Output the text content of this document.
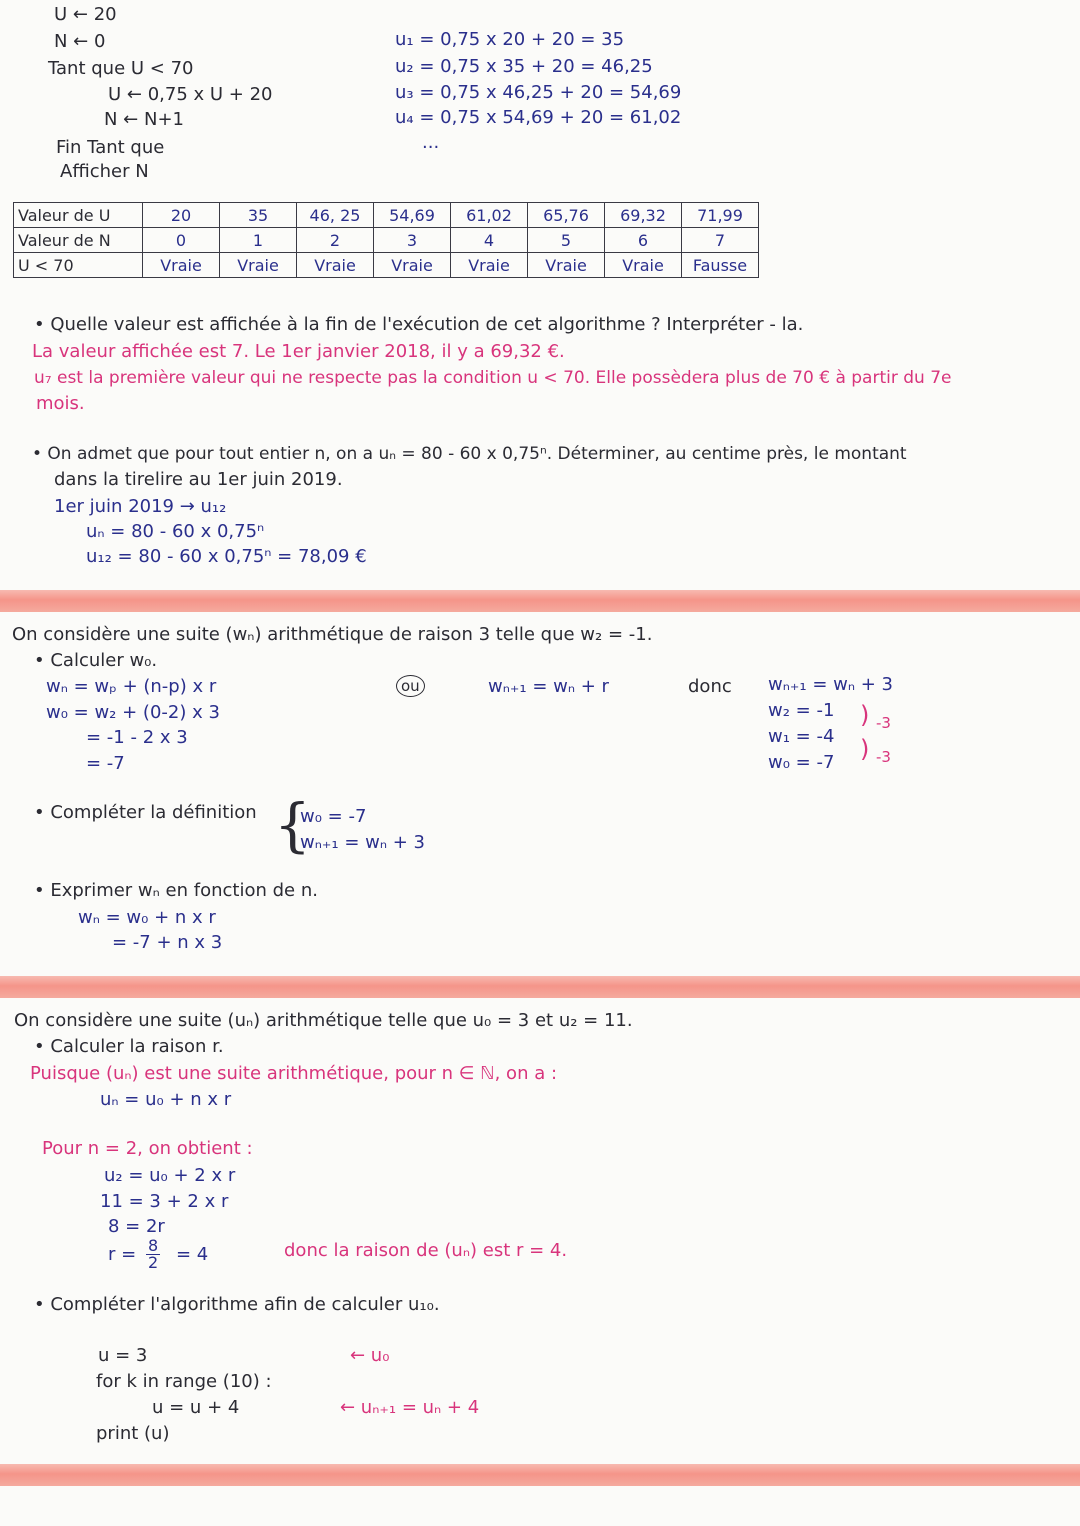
U ← 20
N ← 0
Tant que U < 70
U ← 0,75 x U + 20
N ← N+1
Fin Tant que
Afficher N
u₁ = 0,75 x 20 + 20 = 35
u₂ = 0,75 x 35 + 20 = 46,25
u₃ = 0,75 x 46,25 + 20 = 54,69
u₄ = 0,75 x 54,69 + 20 = 61,02
...
Valeur de U	20	35	46, 25	54,69	61,02	65,76	69,32	71,99
Valeur de N	0	1	2	3	4	5	6	7
U < 70	Vraie	Vraie	Vraie	Vraie	Vraie	Vraie	Vraie	Fausse
• Quelle valeur est affichée à la fin de l'exécution de cet algorithme ? Interpréter - la.
La valeur affichée est 7. Le 1er janvier 2018, il y a 69,32 €.
u₇ est la première valeur qui ne respecte pas la condition u < 70. Elle possèdera plus de 70 € à partir du 7e
mois.
• On admet que pour tout entier n, on a uₙ = 80 - 60 x 0,75ⁿ. Déterminer, au centime près, le montant
dans la tirelire au 1er juin 2019.
1er juin 2019 → u₁₂
uₙ = 80 - 60 x 0,75ⁿ
u₁₂ = 80 - 60 x 0,75ⁿ = 78,09 €
On considère une suite (wₙ) arithmétique de raison 3 telle que w₂ = -1.
• Calculer w₀.
wₙ = wₚ + (n-p) x r
w₀ = w₂ + (0-2) x 3
= -1 - 2 x 3
= -7
ou	wₙ₊₁ = wₙ + r	donc wₙ₊₁ = wₙ + 3
w₂ = -1
w₁ = -4
w₀ = -7
-3
-3
)
)
• Compléter la définition {
w₀ = -7
wₙ₊₁ = wₙ + 3
• Exprimer wₙ en fonction de n.
wₙ = w₀ + n x r
= -7 + n x 3
On considère une suite (uₙ) arithmétique telle que u₀ = 3 et u₂ = 11.
• Calculer la raison r.
Puisque (uₙ) est une suite arithmétique, pour n ∈ ℕ, on a :
uₙ = u₀ + n x r
Pour n = 2, on obtient :
u₂ = u₀ + 2 x r
11 = 3 + 2 x r
8 = 2r
$r = \frac{8}{2} = 4$	donc la raison de (uₙ) est r = 4.
• Compléter l'algorithme afin de calculer u₁₀.
u = 3
for k in range (10) :
u = u + 4
print (u)
← u₀
← uₙ₊₁ = uₙ + 4
